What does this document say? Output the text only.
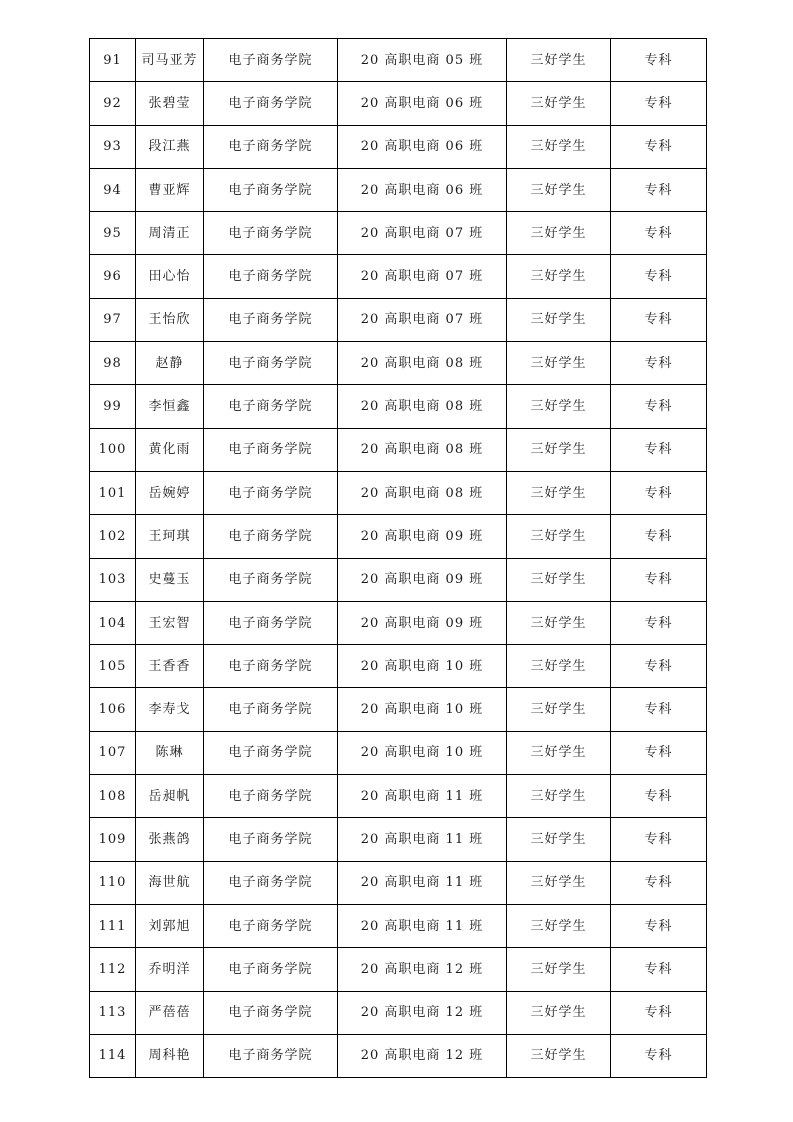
91	司马亚芳	电子商务学院	20 高职电商 05 班	三好学生	专科
92	张碧莹	电子商务学院	20 高职电商 06 班	三好学生	专科
93	段江燕	电子商务学院	20 高职电商 06 班	三好学生	专科
94	曹亚辉	电子商务学院	20 高职电商 06 班	三好学生	专科
95	周清正	电子商务学院	20 高职电商 07 班	三好学生	专科
96	田心怡	电子商务学院	20 高职电商 07 班	三好学生	专科
97	王怡欣	电子商务学院	20 高职电商 07 班	三好学生	专科
98	赵静	电子商务学院	20 高职电商 08 班	三好学生	专科
99	李恒鑫	电子商务学院	20 高职电商 08 班	三好学生	专科
100	黄化雨	电子商务学院	20 高职电商 08 班	三好学生	专科
101	岳婉婷	电子商务学院	20 高职电商 08 班	三好学生	专科
102	王珂琪	电子商务学院	20 高职电商 09 班	三好学生	专科
103	史蔓玉	电子商务学院	20 高职电商 09 班	三好学生	专科
104	王宏智	电子商务学院	20 高职电商 09 班	三好学生	专科
105	王香香	电子商务学院	20 高职电商 10 班	三好学生	专科
106	李寿戈	电子商务学院	20 高职电商 10 班	三好学生	专科
107	陈琳	电子商务学院	20 高职电商 10 班	三好学生	专科
108	岳昶帆	电子商务学院	20 高职电商 11 班	三好学生	专科
109	张燕鸽	电子商务学院	20 高职电商 11 班	三好学生	专科
110	海世航	电子商务学院	20 高职电商 11 班	三好学生	专科
111	刘郭旭	电子商务学院	20 高职电商 11 班	三好学生	专科
112	乔明洋	电子商务学院	20 高职电商 12 班	三好学生	专科
113	严蓓蓓	电子商务学院	20 高职电商 12 班	三好学生	专科
114	周科艳	电子商务学院	20 高职电商 12 班	三好学生	专科
